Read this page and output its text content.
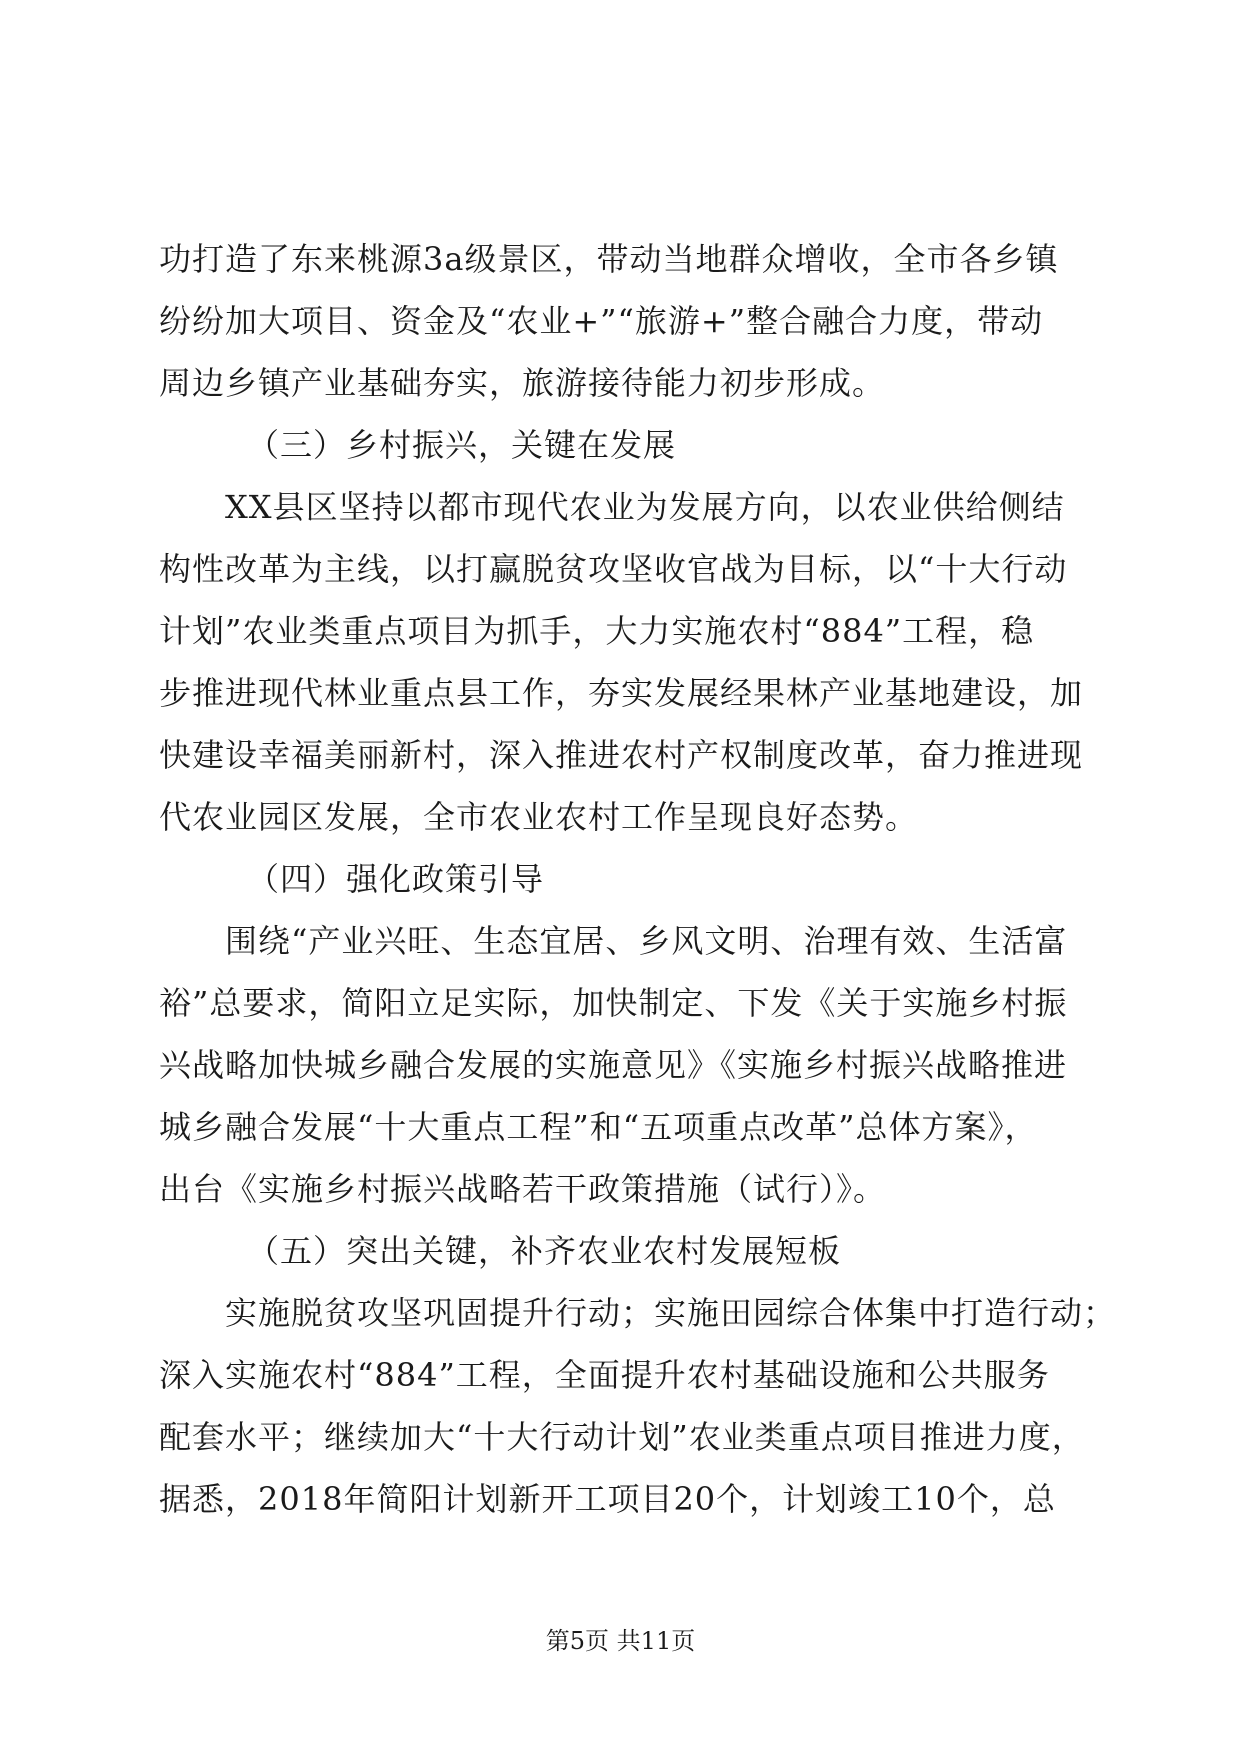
功打造了东来桃源3a级景区，带动当地群众增收，全市各乡镇
纷纷加大项目、资金及“农业+”“旅游+”整合融合力度，带动
周边乡镇产业基础夯实，旅游接待能力初步形成。
（三）乡村振兴，关键在发展
XX县区坚持以都市现代农业为发展方向，以农业供给侧结
构性改革为主线，以打赢脱贫攻坚收官战为目标，以“十大行动
计划”农业类重点项目为抓手，大力实施农村“884”工程，稳
步推进现代林业重点县工作，夯实发展经果林产业基地建设，加
快建设幸福美丽新村，深入推进农村产权制度改革，奋力推进现
代农业园区发展，全市农业农村工作呈现良好态势。
（四）强化政策引导
围绕“产业兴旺、生态宜居、乡风文明、治理有效、生活富
裕”总要求，简阳立足实际，加快制定、下发《关于实施乡村振
兴战略加快城乡融合发展的实施意见》《实施乡村振兴战略推进
城乡融合发展“十大重点工程”和“五项重点改革”总体方案》，
出台《实施乡村振兴战略若干政策措施（试行）》。
（五）突出关键，补齐农业农村发展短板
实施脱贫攻坚巩固提升行动；实施田园综合体集中打造行动；
深入实施农村“884”工程，全面提升农村基础设施和公共服务
配套水平；继续加大“十大行动计划”农业类重点项目推进力度，
据悉，2018年简阳计划新开工项目20个，计划竣工10个，总
第5页 共11页
